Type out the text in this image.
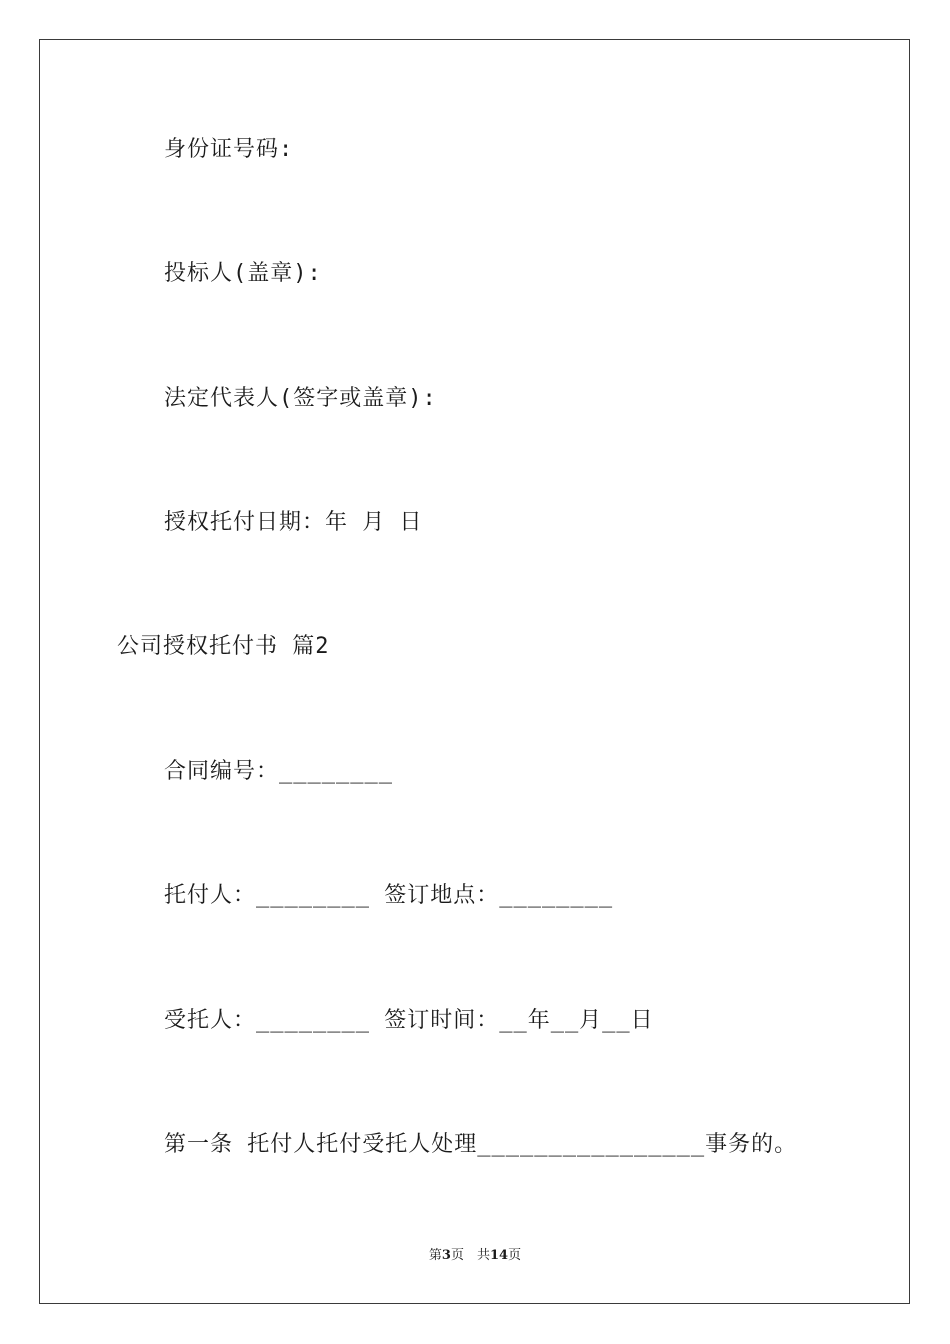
身份证号码:
投标人(盖章):
法定代表人(签字或盖章):
授权托付日期：年 月 日
公司授权托付书 篇2
合同编号：________
托付人：________ 签订地点：________
受托人：________ 签订时间：__年__月__日
第一条 托付人托付受托人处理________________事务的。
第3页　共14页
